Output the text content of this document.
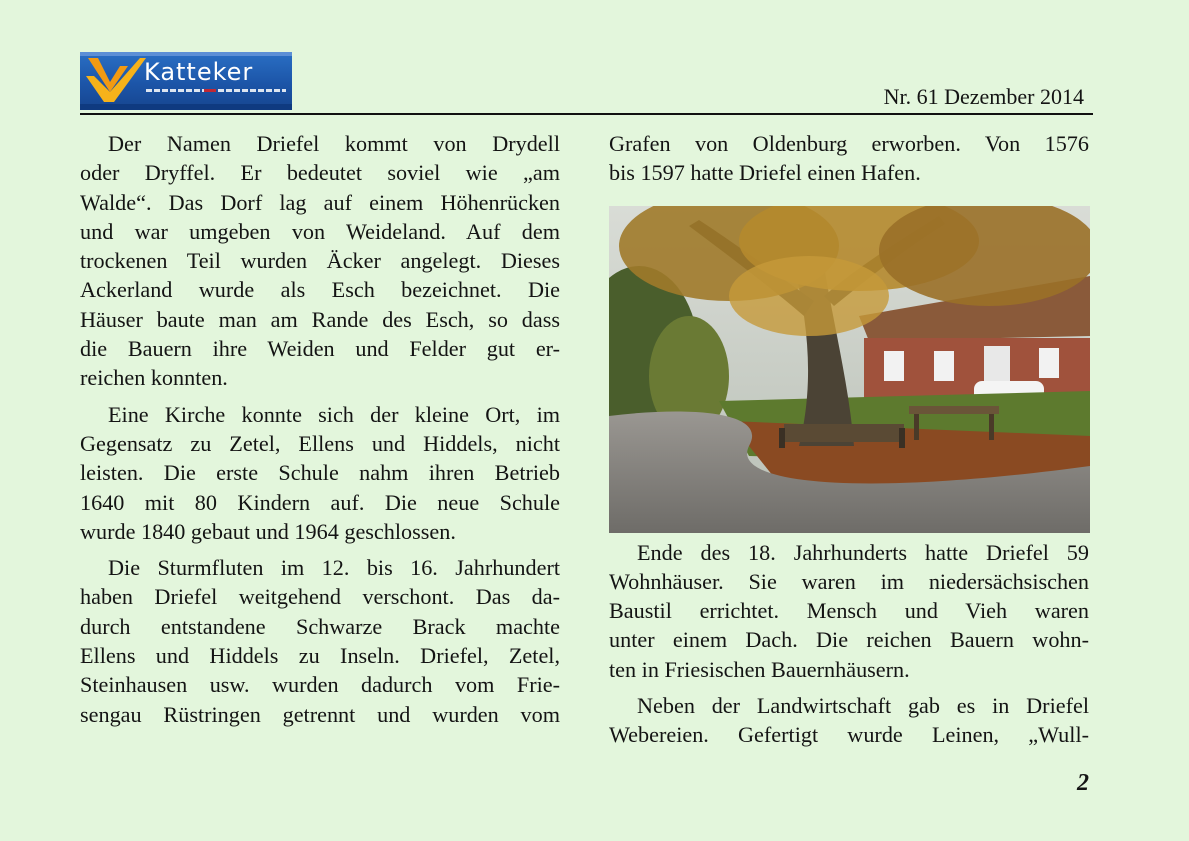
Katteker
Nr. 61 Dezember 2014

Der Namen Driefel kommt von Drydell
oder Dryffel. Er bedeutet soviel wie „am
Walde“. Das Dorf lag auf einem Höhenrücken
und war umgeben von Weideland. Auf dem
trockenen Teil wurden Äcker angelegt. Dieses
Ackerland wurde als Esch bezeichnet. Die
Häuser baute man am Rande des Esch, so dass
die Bauern ihre Weiden und Felder gut er-
reichen konnten.

Eine Kirche konnte sich der kleine Ort, im
Gegensatz zu Zetel, Ellens und Hiddels, nicht
leisten. Die erste Schule nahm ihren Betrieb
1640 mit 80 Kindern auf. Die neue Schule
wurde 1840 gebaut und 1964 geschlossen.

Die Sturmfluten im 12. bis 16. Jahrhundert
haben Driefel weitgehend verschont. Das da-
durch entstandene Schwarze Brack machte
Ellens und Hiddels zu Inseln. Driefel, Zetel,
Steinhausen usw. wurden dadurch vom Frie-
sengau Rüstringen getrennt und wurden vom

Grafen von Oldenburg erworben. Von 1576
bis 1597 hatte Driefel einen Hafen.

Ende des 18. Jahrhunderts hatte Driefel 59
Wohnhäuser. Sie waren im niedersächsischen
Baustil errichtet. Mensch und Vieh waren
unter einem Dach. Die reichen Bauern wohn-
ten in Friesischen Bauernhäusern.

Neben der Landwirtschaft gab es in Driefel
Webereien. Gefertigt wurde Leinen, „Wull-

2
